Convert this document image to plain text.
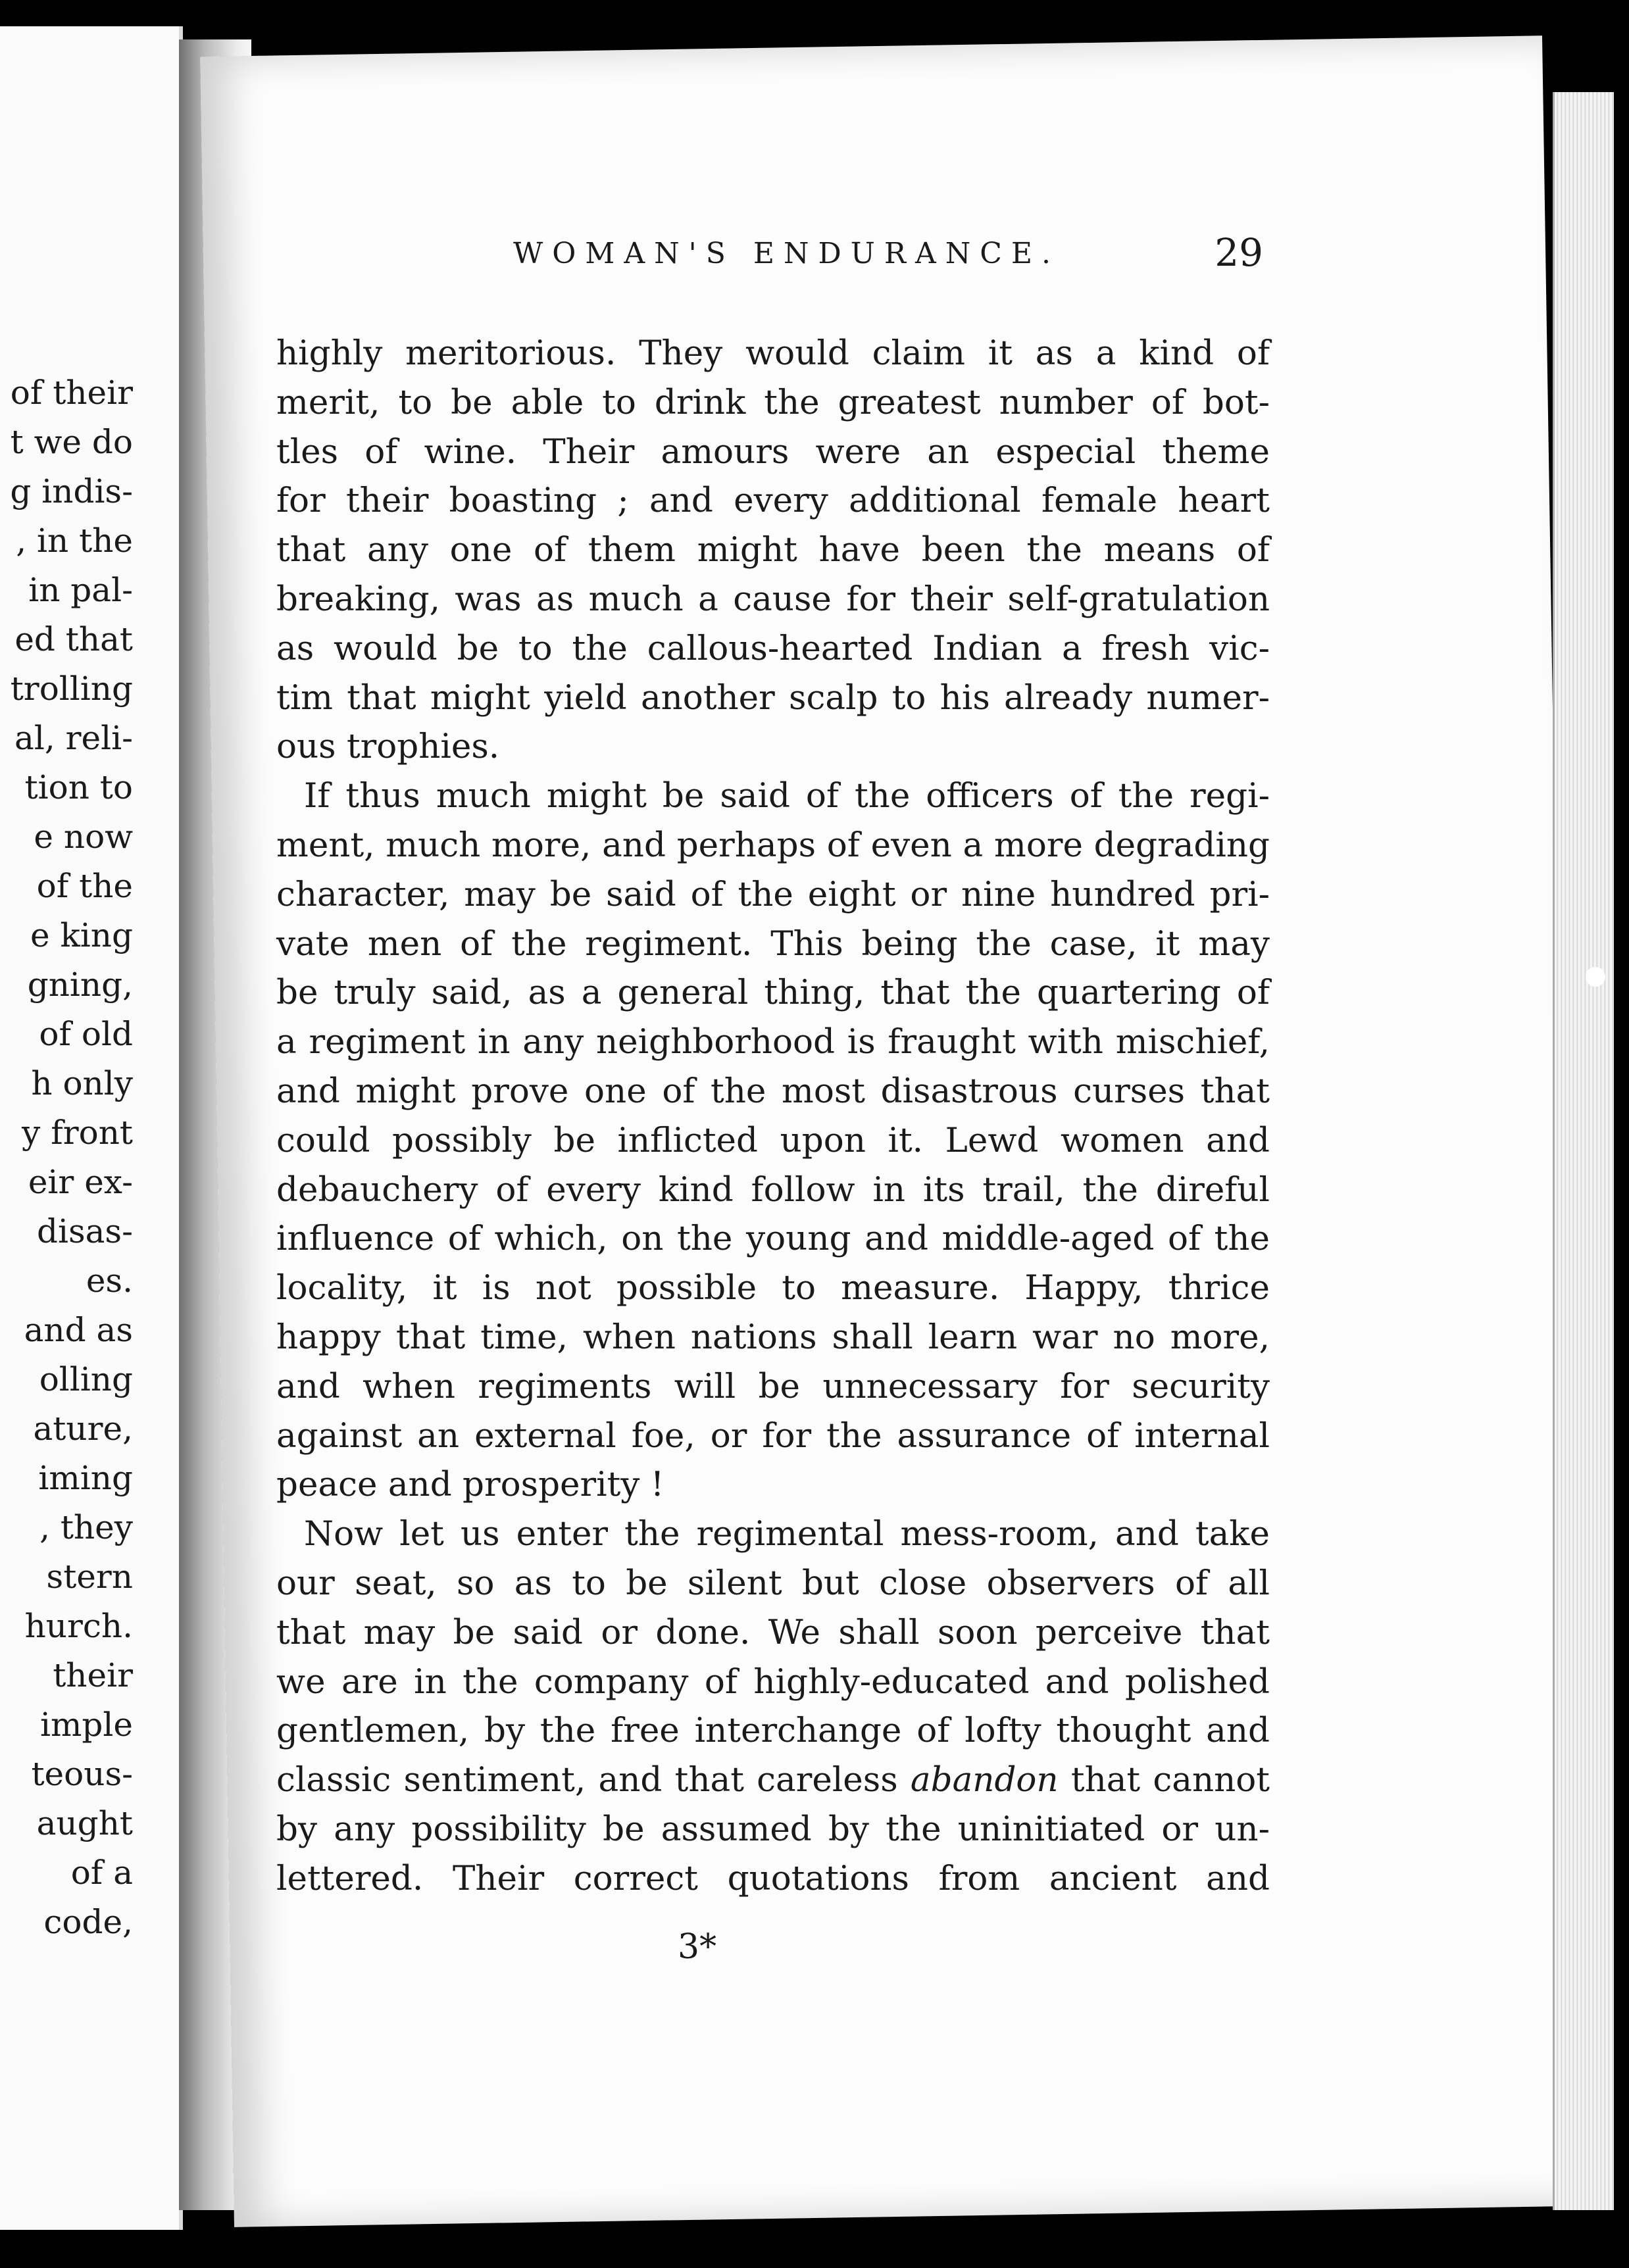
of their
t we do
g indis-
, in the
in pal-
ed that
trolling
al, reli-
tion to
e now
of the
e king
gning,
of old
h only
y front
eir ex-
disas-
es.
and as
olling
ature,
iming
, they
stern
hurch.
their
imple
teous-
aught
of a
code,
WOMAN'S ENDURANCE.	29
highly meritorious. They would claim it as a kind of
merit, to be able to drink the greatest number of bot-
tles of wine. Their amours were an especial theme
for their boasting ; and every additional female heart
that any one of them might have been the means of
breaking, was as much a cause for their self-gratulation
as would be to the callous-hearted Indian a fresh vic-
tim that might yield another scalp to his already numer-
ous trophies.
If thus much might be said of the officers of the regi-
ment, much more, and perhaps of even a more degrading
character, may be said of the eight or nine hundred pri-
vate men of the regiment. This being the case, it may
be truly said, as a general thing, that the quartering of
a regiment in any neighborhood is fraught with mischief,
and might prove one of the most disastrous curses that
could possibly be inflicted upon it. Lewd women and
debauchery of every kind follow in its trail, the direful
influence of which, on the young and middle-aged of the
locality, it is not possible to measure. Happy, thrice
happy that time, when nations shall learn war no more,
and when regiments will be unnecessary for security
against an external foe, or for the assurance of internal
peace and prosperity !
Now let us enter the regimental mess-room, and take
our seat, so as to be silent but close observers of all
that may be said or done. We shall soon perceive that
we are in the company of highly-educated and polished
gentlemen, by the free interchange of lofty thought and
classic sentiment, and that careless abandon that cannot
by any possibility be assumed by the uninitiated or un-
lettered. Their correct quotations from ancient and
3*
